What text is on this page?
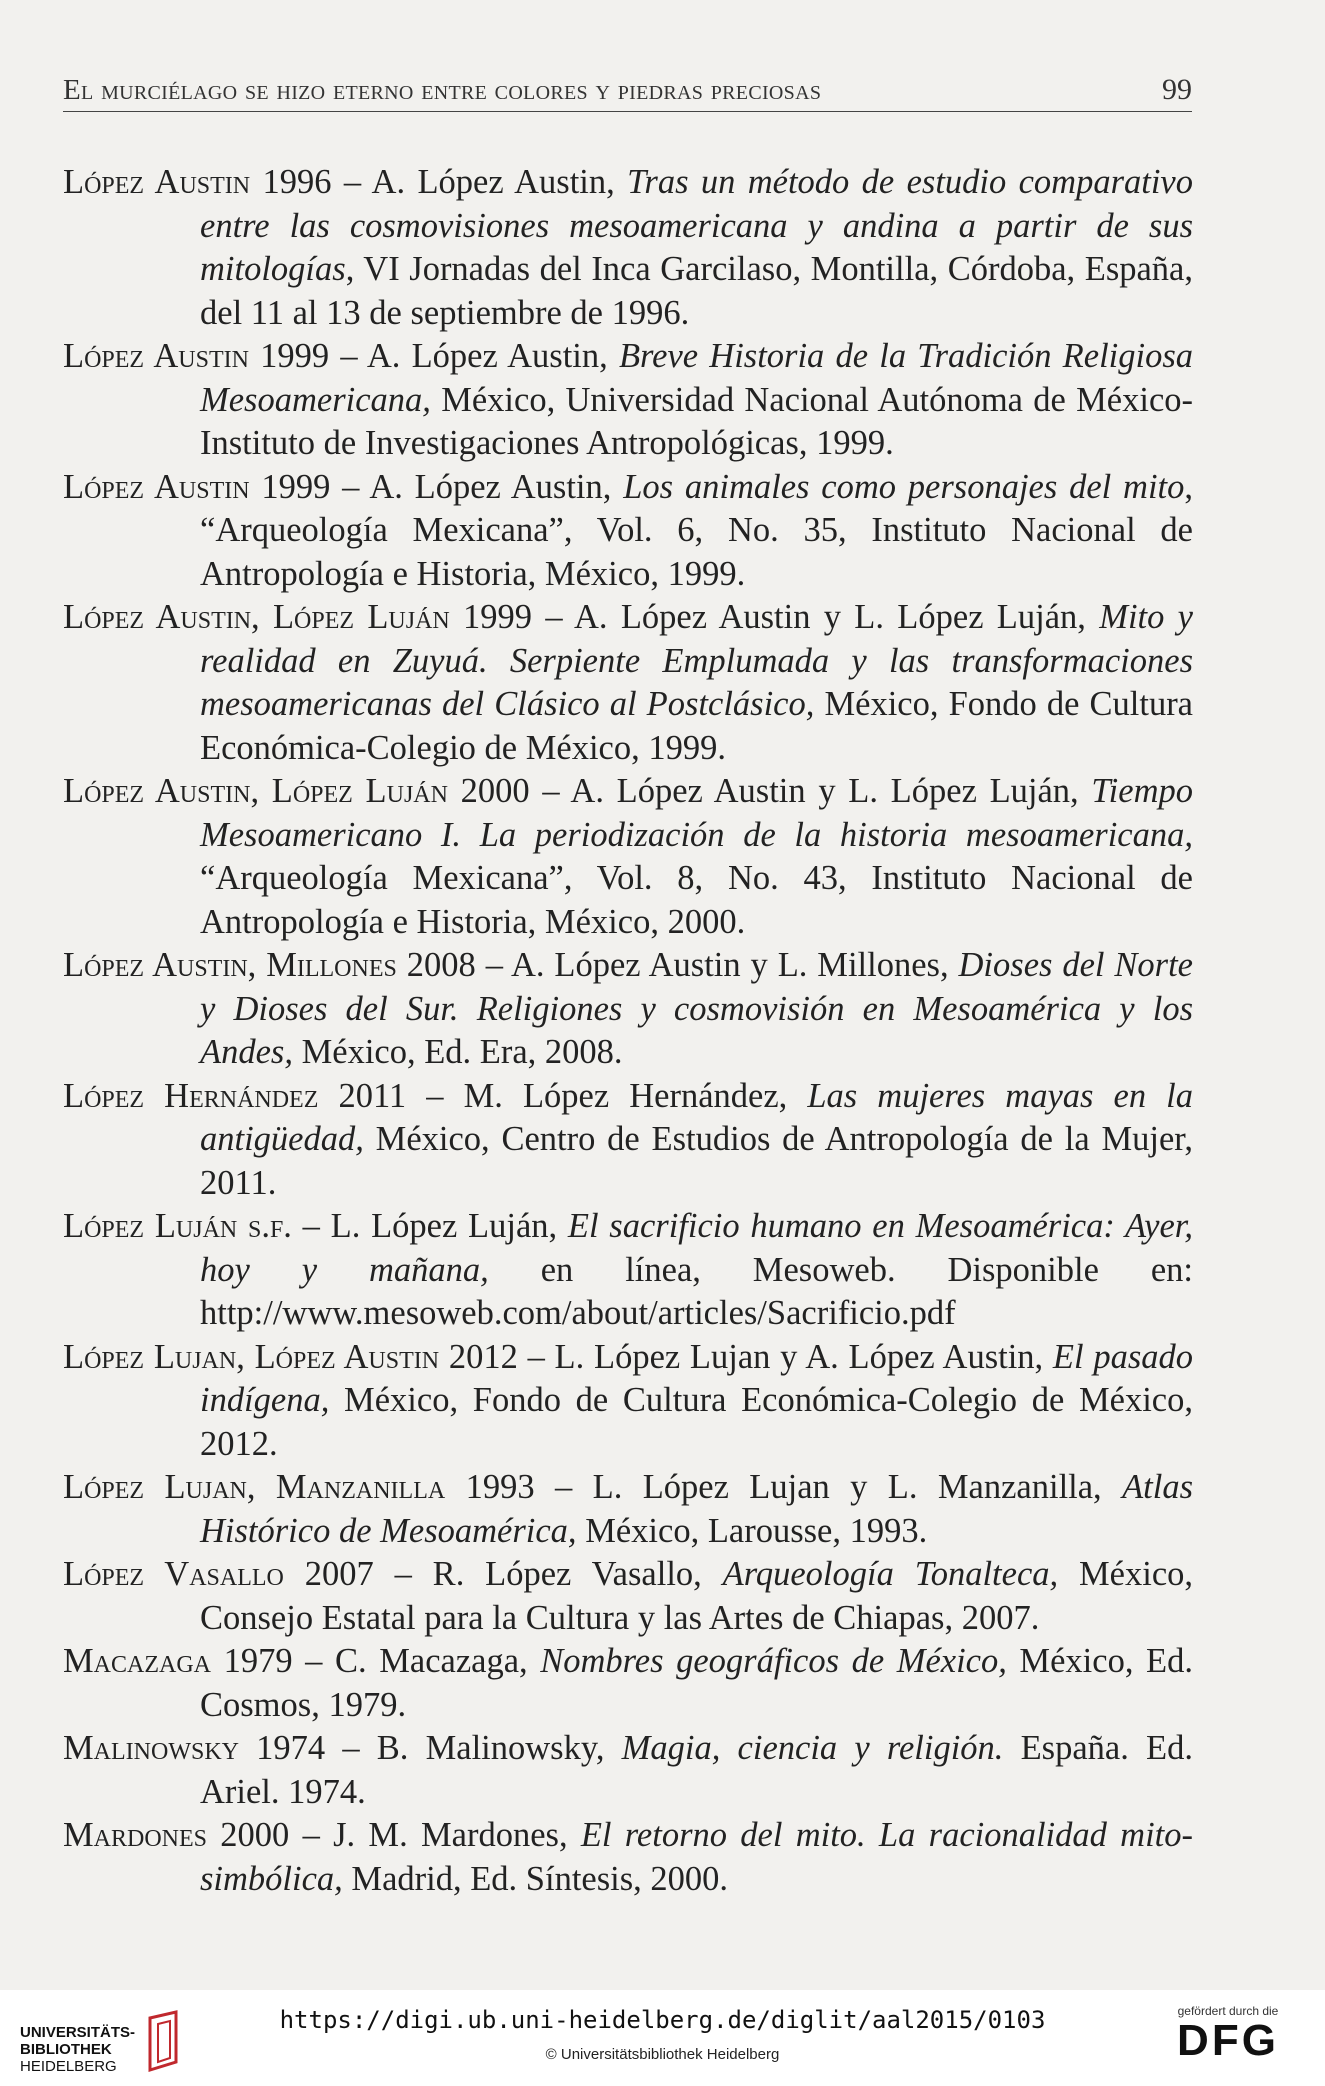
El murciélago se hizo eterno entre colores y piedras preciosas	99

López Austin 1996 – A. López Austin, Tras un método de estudio comparativo entre las cosmovisiones mesoamericana y andina a partir de sus mitologías, VI Jornadas del Inca Garcilaso, Montilla, Córdoba, España, del 11 al 13 de septiembre de 1996.

López Austin 1999 – A. López Austin, Breve Historia de la Tradición Religiosa Mesoamericana, México, Universidad Nacional Autónoma de México-Instituto de Investigaciones Antropológicas, 1999.

López Austin 1999 – A. López Austin, Los animales como personajes del mito, “Arqueología Mexicana”, Vol. 6, No. 35, Instituto Nacional de Antropología e Historia, México, 1999.

López Austin, López Luján 1999 – A. López Austin y L. López Luján, Mito y realidad en Zuyuá. Serpiente Emplumada y las transformaciones mesoamericanas del Clásico al Postclásico, México, Fondo de Cultura Económica-Colegio de México, 1999.

López Austin, López Luján 2000 – A. López Austin y L. López Luján, Tiempo Mesoamericano I. La periodización de la historia mesoamericana, “Arqueología Mexicana”, Vol. 8, No. 43, Instituto Nacional de Antropología e Historia, México, 2000.

López Austin, Millones 2008 – A. López Austin y L. Millones, Dioses del Norte y Dioses del Sur. Religiones y cosmovisión en Mesoamérica y los Andes, México, Ed. Era, 2008.

López Hernández 2011 – M. López Hernández, Las mujeres mayas en la antigüedad, México, Centro de Estudios de Antropología de la Mujer, 2011.

López Luján s.f. – L. López Luján, El sacrificio humano en Mesoamérica: Ayer, hoy y mañana, en línea, Mesoweb. Disponible en: http://www.mesoweb.com/about/articles/Sacrificio.pdf

López Lujan, López Austin 2012 – L. López Lujan y A. López Austin, El pasado indígena, México, Fondo de Cultura Económica-Colegio de México, 2012.

López Lujan, Manzanilla 1993 – L. López Lujan y L. Manzanilla, Atlas Histórico de Mesoamérica, México, Larousse, 1993.

López Vasallo 2007 – R. López Vasallo, Arqueología Tonalteca, México, Consejo Estatal para la Cultura y las Artes de Chiapas, 2007.

Macazaga 1979 – C. Macazaga, Nombres geográficos de México, México, Ed. Cosmos, 1979.

Malinowsky 1974 – B. Malinowsky, Magia, ciencia y religión. España. Ed. Ariel. 1974.

Mardones 2000 – J. M. Mardones, El retorno del mito. La racionalidad mito-simbólica, Madrid, Ed. Síntesis, 2000.

UNIVERSITÄTS-
BIBLIOTHEK
HEIDELBERG
https://digi.ub.uni-heidelberg.de/diglit/aal2015/0103
© Universitätsbibliothek Heidelberg
gefördert durch die
DFG
